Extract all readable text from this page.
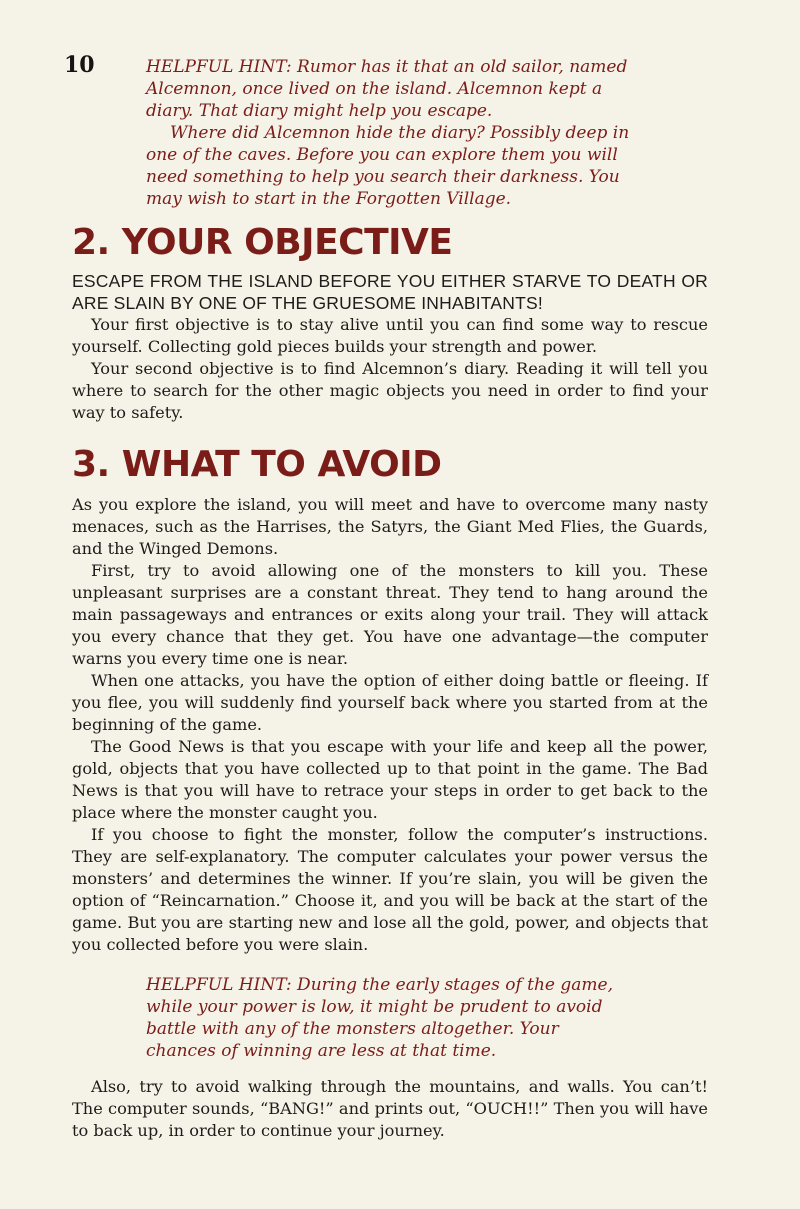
10	HELPFUL HINT: Rumor has it that an old sailor, named Alcemnon, once lived on the island. Alcemnon kept a diary. That diary might help you escape.

Where did Alcemnon hide the diary? Possibly deep in one of the caves. Before you can explore them you will need something to help you search their darkness. You may wish to start in the Forgotten Village.

2. YOUR OBJECTIVE

ESCAPE FROM THE ISLAND BEFORE YOU EITHER STARVE TO DEATH OR ARE SLAIN BY ONE OF THE GRUESOME INHABITANTS!

Your first objective is to stay alive until you can find some way to rescue yourself. Collecting gold pieces builds your strength and power.

Your second objective is to find Alcemnon’s diary. Reading it will tell you where to search for the other magic objects you need in order to find your way to safety.

3. WHAT TO AVOID

As you explore the island, you will meet and have to overcome many nasty menaces, such as the Harrises, the Satyrs, the Giant Med Flies, the Guards, and the Winged Demons.

First, try to avoid allowing one of the monsters to kill you. These unpleasant surprises are a constant threat. They tend to hang around the main passageways and entrances or exits along your trail. They will attack you every chance that they get. You have one advantage—the computer warns you every time one is near.

When one attacks, you have the option of either doing battle or fleeing. If you flee, you will suddenly find yourself back where you started from at the beginning of the game.

The Good News is that you escape with your life and keep all the power, gold, objects that you have collected up to that point in the game. The Bad News is that you will have to retrace your steps in order to get back to the place where the monster caught you.

If you choose to fight the monster, follow the computer’s instructions. They are self-explanatory. The computer calculates your power versus the monsters’ and determines the winner. If you’re slain, you will be given the option of “Reincarnation.” Choose it, and you will be back at the start of the game. But you are starting new and lose all the gold, power, and objects that you collected before you were slain.

HELPFUL HINT: During the early stages of the game, while your power is low, it might be prudent to avoid battle with any of the monsters altogether. Your chances of winning are less at that time.

Also, try to avoid walking through the mountains, and walls. You can’t! The computer sounds, “BANG!” and prints out, “OUCH!!” Then you will have to back up, in order to continue your journey.
